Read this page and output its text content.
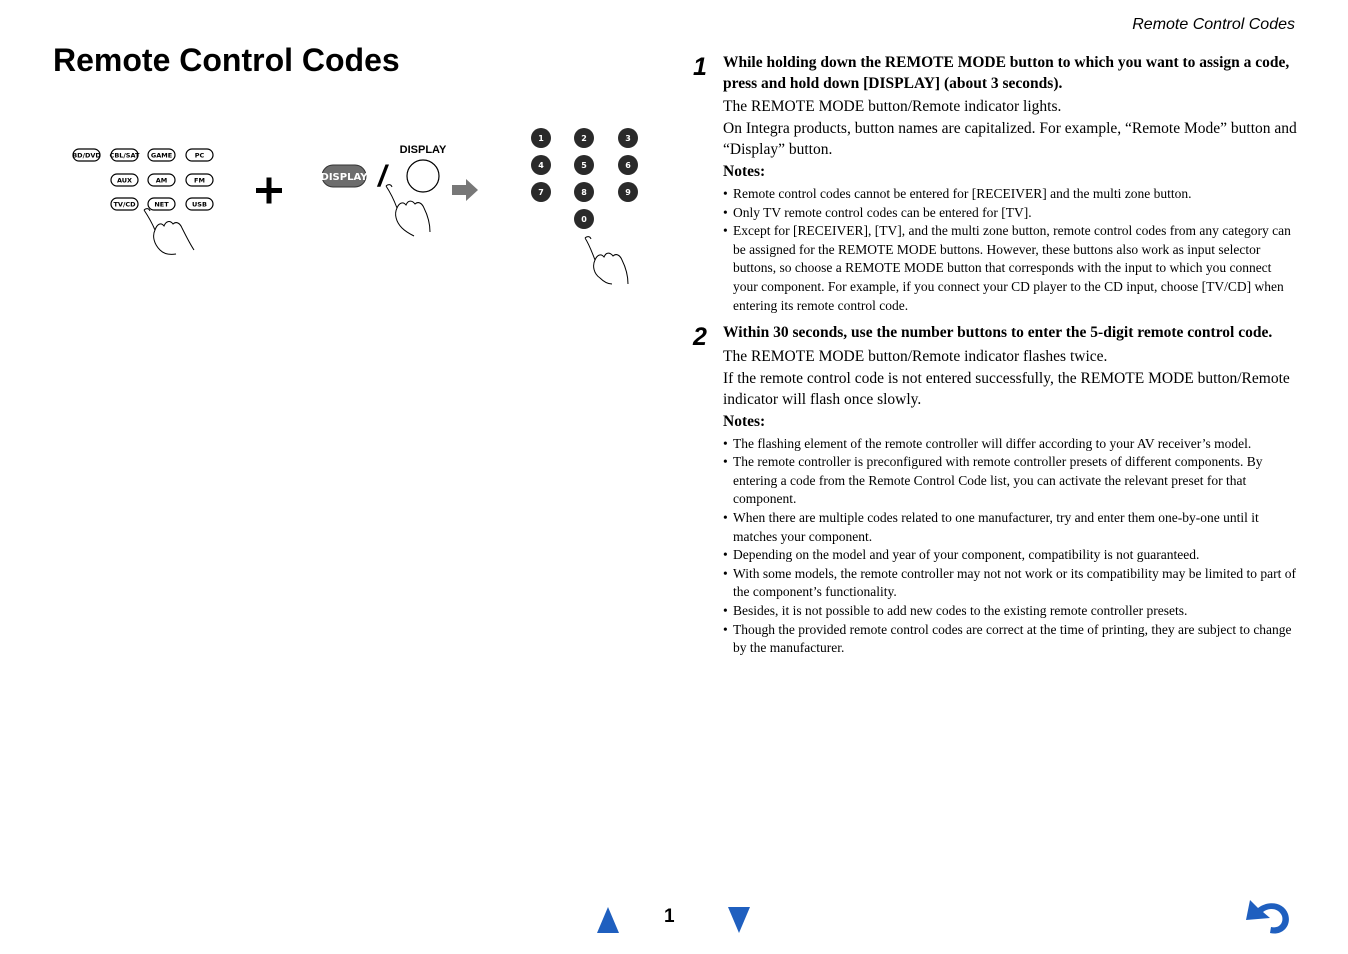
Remote Control Codes
Remote Control Codes
BD/DVD CBL/SAT GAME	PC
AUX	AM	FM
TV/CD	NET	USB
DISPLAY /
DISPLAY
1	2	3
4	5	6
7	8	9
0
1 While holding down the REMOTE MODE button to which you want to assign a code, press and hold down [DISPLAY] (about 3 seconds).

The REMOTE MODE button/Remote indicator lights.

On Integra products, button names are capitalized. For example, “Remote Mode” button and “Display” button.

Notes:

• Remote control codes cannot be entered for [RECEIVER] and the multi zone button.
• Only TV remote control codes can be entered for [TV].
• Except for [RECEIVER], [TV], and the multi zone button, remote control codes from any category can be assigned for the REMOTE MODE buttons. However, these buttons also work as input selector buttons, so choose a REMOTE MODE button that corresponds with the input to which you connect your component. For example, if you connect your CD player to the CD input, choose [TV/CD] when entering its remote control code.
2 Within 30 seconds, use the number buttons to enter the 5-digit remote control code.

The REMOTE MODE button/Remote indicator flashes twice.

If the remote control code is not entered successfully, the REMOTE MODE button/Remote indicator will flash once slowly.

Notes:

• The flashing element of the remote controller will differ according to your AV receiver’s model.
• The remote controller is preconfigured with remote controller presets of different components. By entering a code from the Remote Control Code list, you can activate the relevant preset for that component.
• When there are multiple codes related to one manufacturer, try and enter them one-by-one until it matches your component.
• Depending on the model and year of your component, compatibility is not guaranteed.
• With some models, the remote controller may not not work or its compatibility may be limited to part of the component’s functionality.
• Besides, it is not possible to add new codes to the existing remote controller presets.
• Though the provided remote control codes are correct at the time of printing, they are subject to change by the manufacturer.
1
